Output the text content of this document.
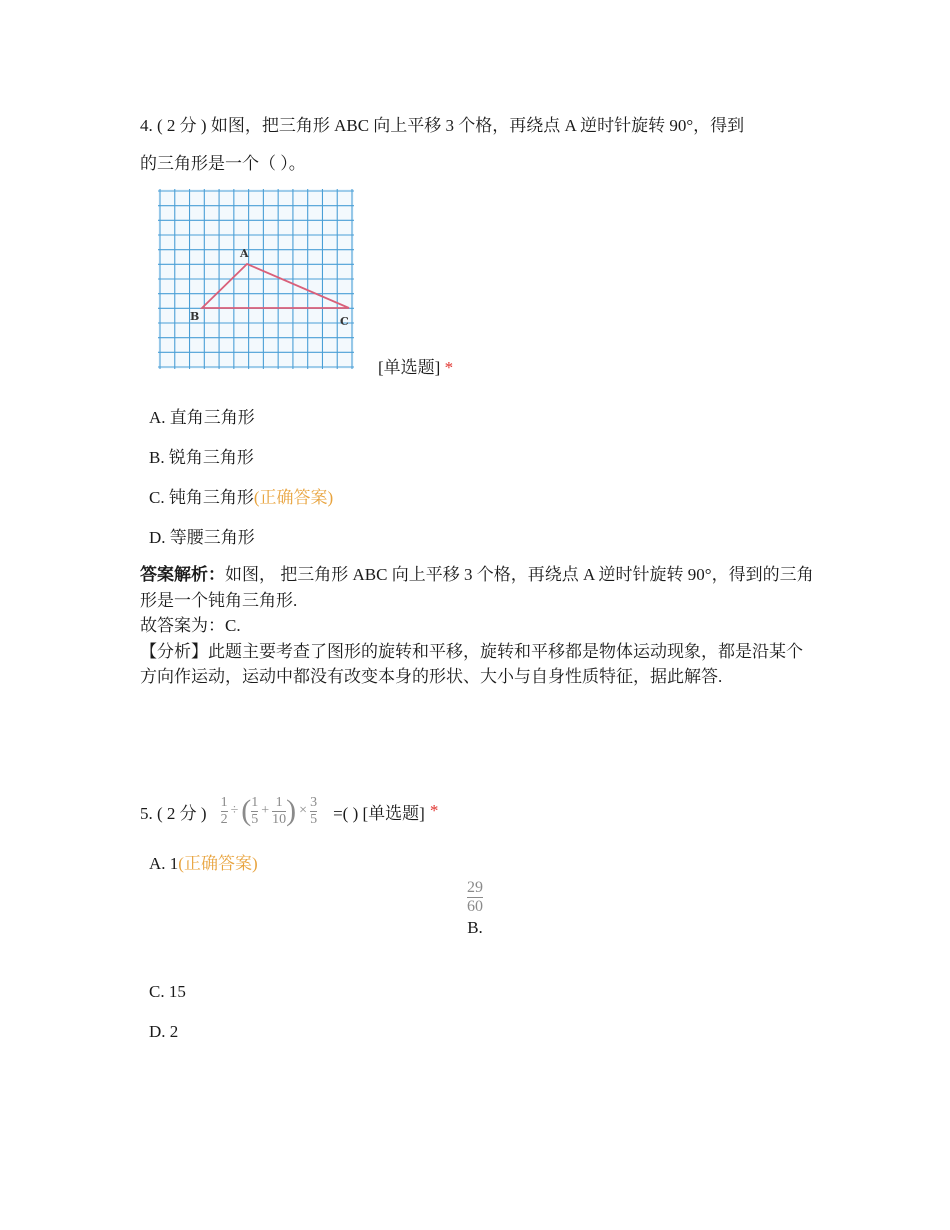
4. ( 2 分 ) 如图，把三角形 ABC 向上平移 3 个格，再绕点 A 逆时针旋转 90°，得到
的三角形是一个（ ）。
A
B	C
[单选题] *
A. 直角三角形
B. 锐角三角形
C. 钝角三角形(正确答案)
D. 等腰三角形
答案解析：如图， 把三角形 ABC 向上平移 3 个格，再绕点 A 逆时针旋转 90°，得到的三角形是一个钝角三角形.
故答案为：C.
【分析】此题主要考查了图形的旋转和平移，旋转和平移都是物体运动现象，都是沿某个方向作运动，运动中都没有改变本身的形状、大小与自身性质特征，据此解答.
5. ( 2 分 ) $\frac{1}{2}$ ÷ ( $\frac{1}{5} + \frac{1}{10}$ ) × $\frac{3}{5}$ =( ) [单选题] *
A. 1(正确答案)
$\frac{29}{60}$
B.
C. 15
D. 2
